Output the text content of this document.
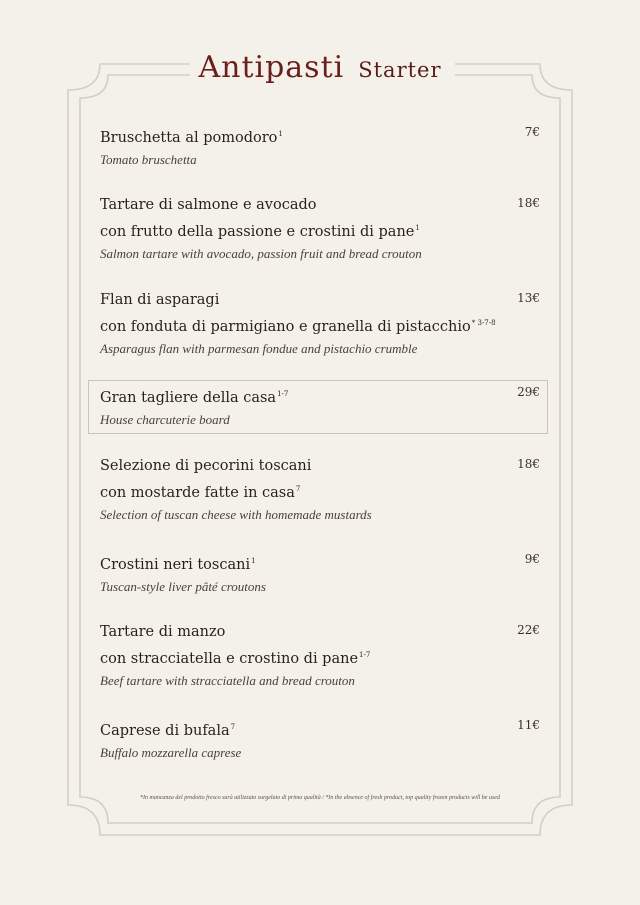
Antipasti Starter
Bruschetta al pomodoro$^1$
Tomato bruschetta
7€
Tartare di salmone e avocado
con frutto della passione e crostini di pane$^1$
Salmon tartare with avocado, passion fruit and bread crouton
18€
Flan di asparagi
con fonduta di parmigiano e granella di pistacchio$^{* 3-7-8}$
Asparagus flan with parmesan fondue and pistachio crumble
13€
Gran tagliere della casa$^{1-7}$
House charcuterie board
29€
Selezione di pecorini toscani
con mostarde fatte in casa$^7$
Selection of tuscan cheese with homemade mustards
18€
Crostini neri toscani$^1$
Tuscan-style liver pâté croutons
9€
Tartare di manzo
con stracciatella e crostino di pane$^{1-7}$
Beef tartare with stracciatella and bread crouton
22€
Caprese di bufala$^7$
Buffalo mozzarella caprese
11€
*In mancanza del prodotto fresco sarà utilizzato surgelato di prima qualità / *In the absence of fresh product, top quality frozen products will be used
